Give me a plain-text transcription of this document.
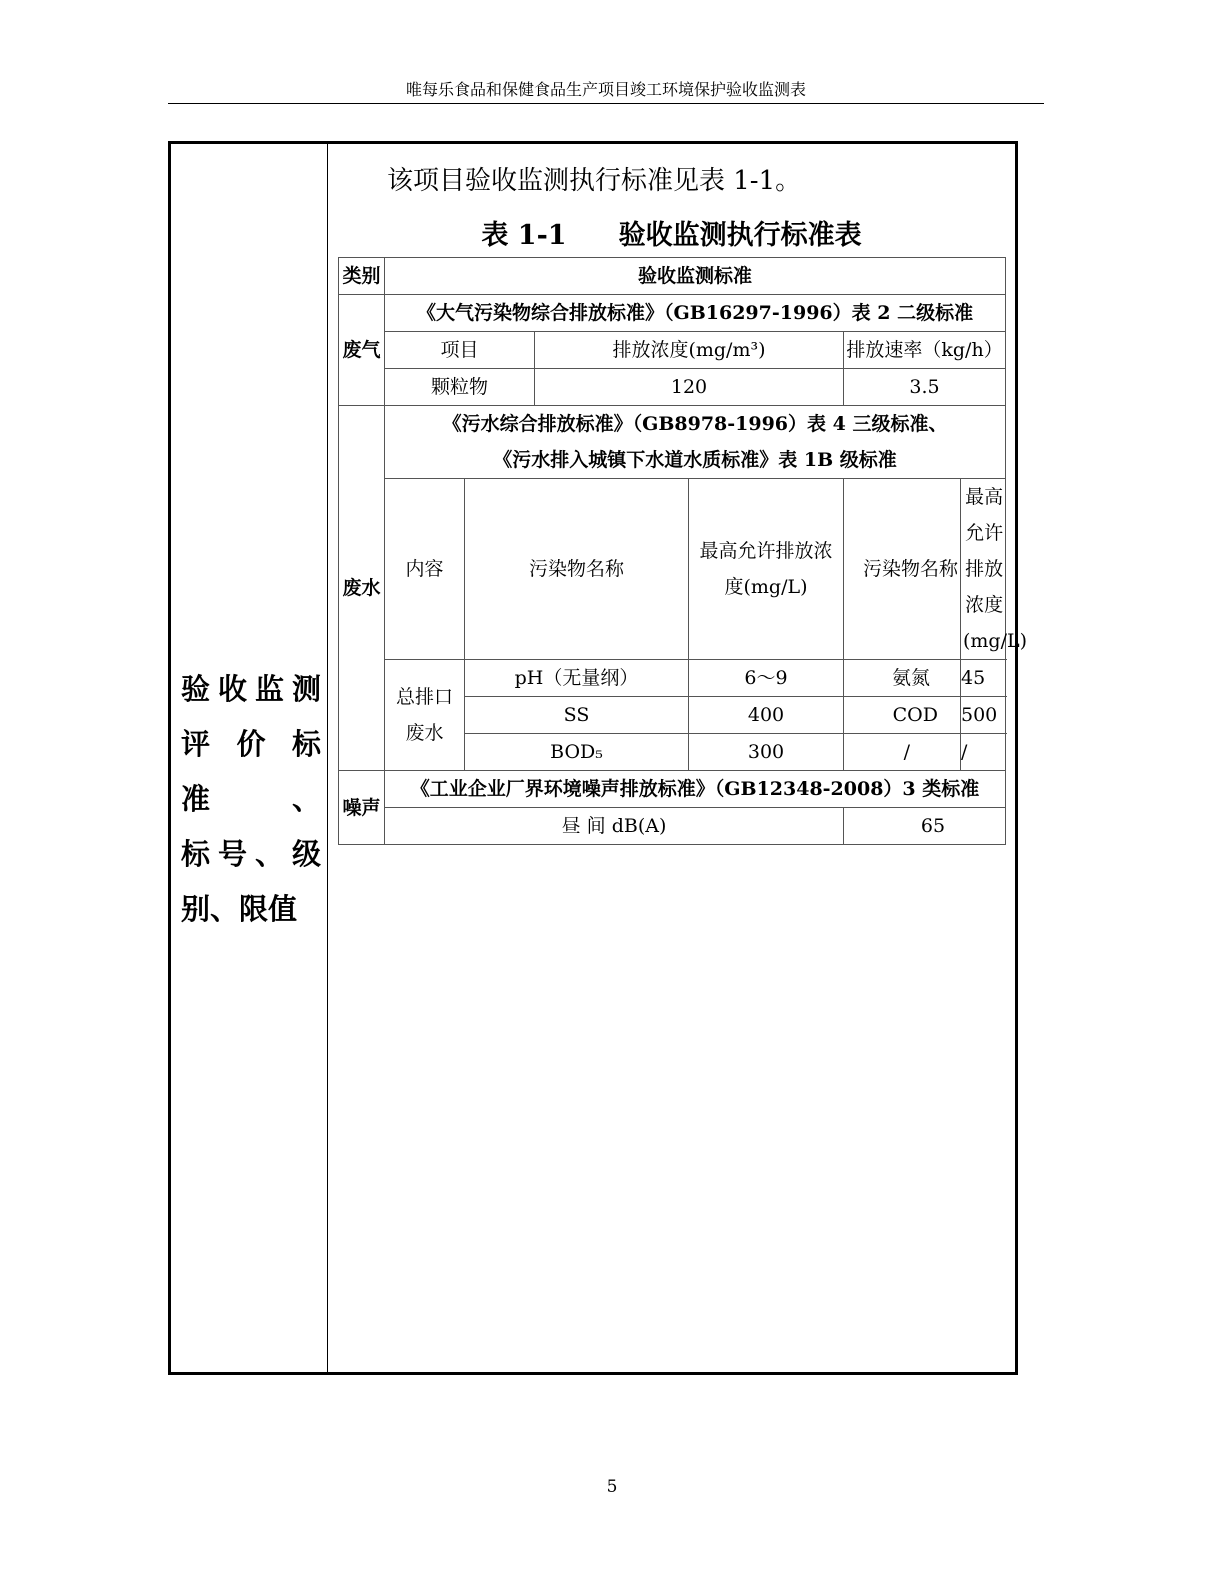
唯每乐食品和保健食品生产项目竣工环境保护验收监测表
验收监测
评价标准、
标号、级
别、限值
该项目验收监测执行标准见表 1-1。
表 1-1 验收监测执行标准表
类别	验收监测标准					
废气	《大气污染物综合排放标准》（GB16297-1996）表 2 二级标准					
	项目		排放浓度(mg/m³)		排放速率（kg/h）	
	颗粒物		120		3.5	
废水	《污水综合排放标准》（GB8978-1996）表 4 三级标准、
《污水排入城镇下水道水质标准》表 1B 级标准					

	内容	污染物名称		最高允许排放浓度(mg/L)	污染物名称	最高允许排放浓度(mg/L)
	总排口废水	pH（无量纲）		6～9	氨氮	45
		SS		400	COD	500
		BOD₅		300	/	/
噪声	《工业企业厂界环境噪声排放标准》（GB12348-2008）3 类标准					
	昼 间 dB(A)				65	
5
